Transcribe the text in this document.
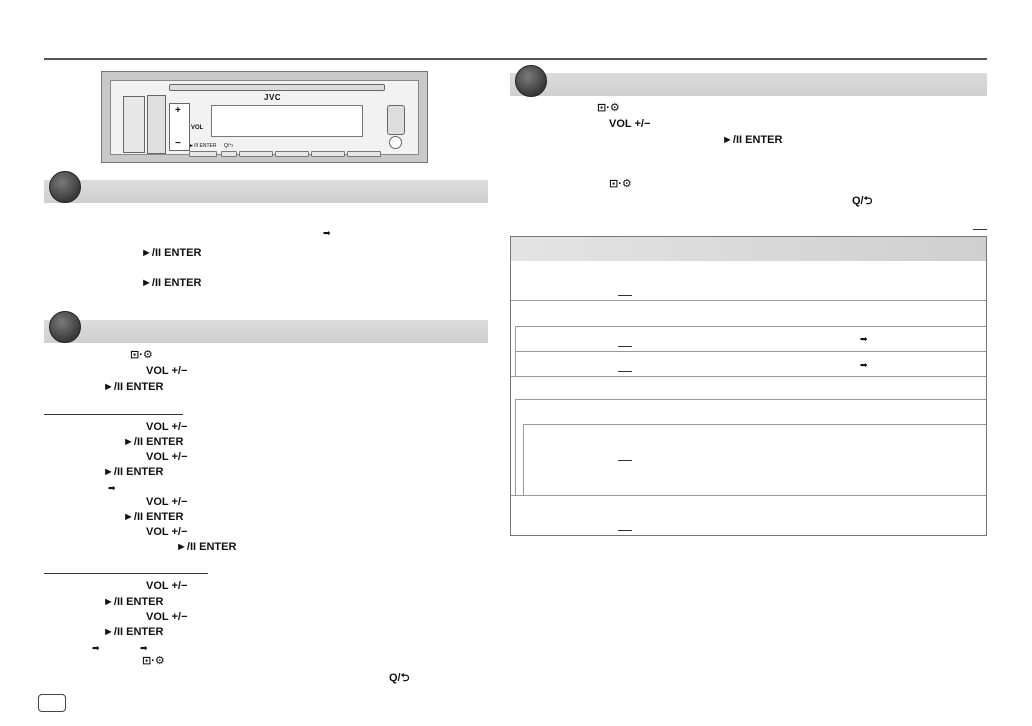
+
−
VOL
JVC
►/II ENTER Q/⮌
➡
►/II ENTER
►/II ENTER
⊡·⚙
VOL +/−
►/II ENTER
VOL +/−
►/II ENTER
VOL +/−
►/II ENTER
➡
VOL +/−
►/II ENTER
VOL +/−
►/II ENTER
VOL +/−
►/II ENTER
VOL +/−
►/II ENTER
➡	➡
⊡·⚙
Q/⮌
⊡·⚙
VOL +/−
►/II ENTER
⊡·⚙
Q/⮌
➡
➡
